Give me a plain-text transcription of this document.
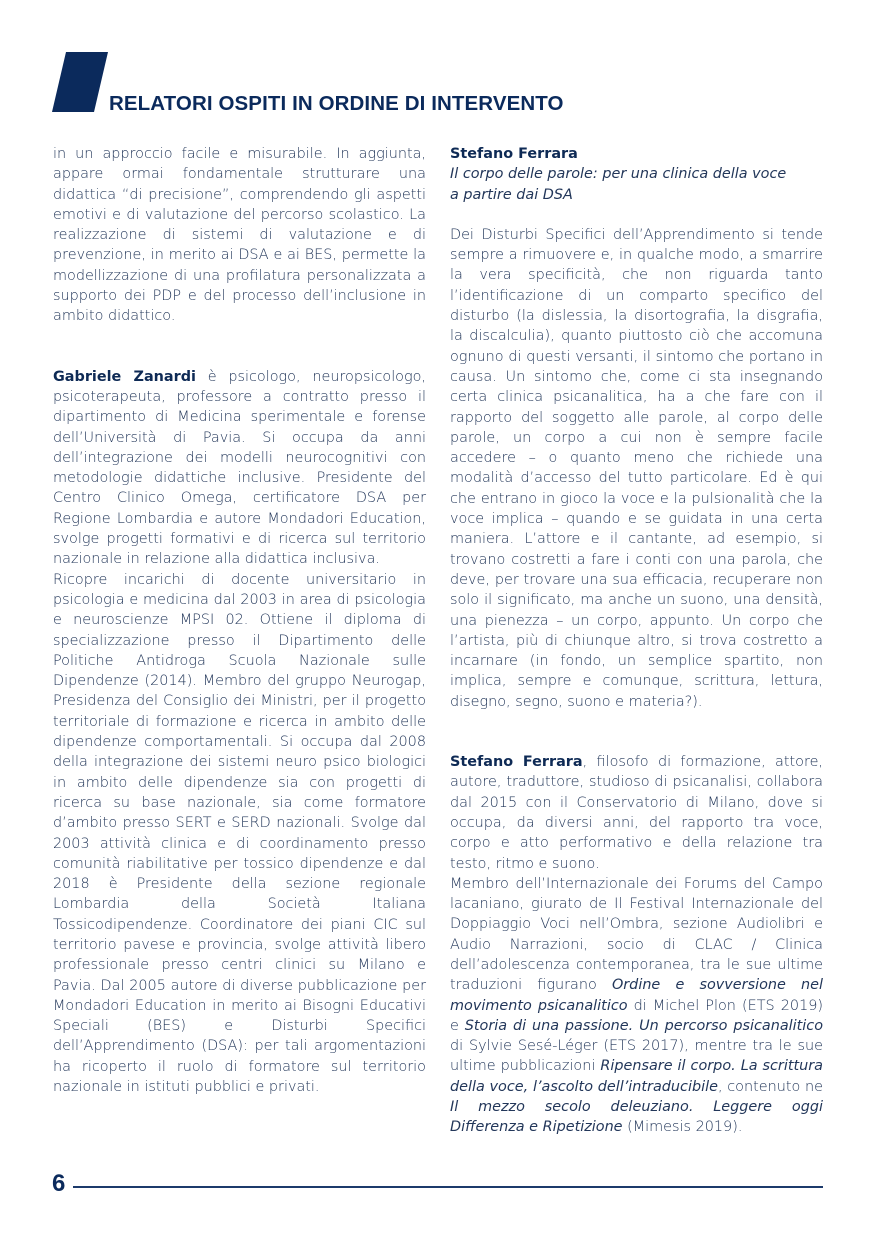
RELATORI OSPITI IN ORDINE DI INTERVENTO

in un approccio facile e misurabile. In aggiunta, appare ormai fondamentale strutturare una didattica “di precisione”, comprendendo gli aspetti emotivi e di valutazione del percorso scolastico. La realizzazione di sistemi di valutazione e di prevenzione, in merito ai DSA e ai BES, permette la modellizzazione di una profilatura personalizzata a supporto dei PDP e del processo dell’inclusione in ambito didattico.

Gabriele Zanardi è psicologo, neuropsicologo, psicoterapeuta, professore a contratto presso il dipartimento di Medicina sperimentale e forense dell’Università di Pavia. Si occupa da anni dell’integrazione dei modelli neurocognitivi con metodologie didattiche inclusive. Presidente del Centro Clinico Omega, certificatore DSA per Regione Lombardia e autore Mondadori Education, svolge progetti formativi e di ricerca sul territorio nazionale in relazione alla didattica inclusiva.

Ricopre incarichi di docente universitario in psicologia e medicina dal 2003 in area di psicologia e neuroscienze MPSI 02. Ottiene il diploma di specializzazione presso il Dipartimento delle Politiche Antidroga Scuola Nazionale sulle Dipendenze (2014). Membro del gruppo Neurogap, Presidenza del Consiglio dei Ministri, per il progetto territoriale di formazione e ricerca in ambito delle dipendenze comportamentali. Si occupa dal 2008 della integrazione dei sistemi neuro psico biologici in ambito delle dipendenze sia con progetti di ricerca su base nazionale, sia come formatore d’ambito presso SERT e SERD nazionali. Svolge dal 2003 attività clinica e di coordinamento presso comunità riabilitative per tossico dipendenze e dal 2018 è Presidente della sezione regionale Lombardia della Società Italiana Tossicodipendenze. Coordinatore dei piani CIC sul territorio pavese e provincia, svolge attività libero professionale presso centri clinici su Milano e Pavia. Dal 2005 autore di diverse pubblicazione per Mondadori Education in merito ai Bisogni Educativi Speciali (BES) e Disturbi Specifici dell’Apprendimento (DSA): per tali argomentazioni ha ricoperto il ruolo di formatore sul territorio nazionale in istituti pubblici e privati.

Stefano Ferrara
Il corpo delle parole: per una clinica della voce
a partire dai DSA

Dei Disturbi Specifici dell’Apprendimento si tende sempre a rimuovere e, in qualche modo, a smarrire la vera specificità, che non riguarda tanto l’identificazione di un comparto specifico del disturbo (la dislessia, la disortografia, la disgrafia, la discalculia), quanto piuttosto ciò che accomuna ognuno di questi versanti, il sintomo che portano in causa. Un sintomo che, come ci sta insegnando certa clinica psicanalitica, ha a che fare con il rapporto del soggetto alle parole, al corpo delle parole, un corpo a cui non è sempre facile accedere – o quanto meno che richiede una modalità d’accesso del tutto particolare. Ed è qui che entrano in gioco la voce e la pulsionalità che la voce implica – quando e se guidata in una certa maniera. L’attore e il cantante, ad esempio, si trovano costretti a fare i conti con una parola, che deve, per trovare una sua efficacia, recuperare non solo il significato, ma anche un suono, una densità, una pienezza – un corpo, appunto. Un corpo che l’artista, più di chiunque altro, si trova costretto a incarnare (in fondo, un semplice spartito, non implica, sempre e comunque, scrittura, lettura, disegno, segno, suono e materia?).

Stefano Ferrara, filosofo di formazione, attore, autore, traduttore, studioso di psicanalisi, collabora dal 2015 con il Conservatorio di Milano, dove si occupa, da diversi anni, del rapporto tra voce, corpo e atto performativo e della relazione tra testo, ritmo e suono.

Membro dell’Internazionale dei Forums del Campo lacaniano, giurato de Il Festival Internazionale del Doppiaggio Voci nell’Ombra, sezione Audiolibri e Audio Narrazioni, socio di CLAC / Clinica dell’adolescenza contemporanea, tra le sue ultime traduzioni figurano Ordine e sovversione nel movimento psicanalitico di Michel Plon (ETS 2019) e Storia di una passione. Un percorso psicanalitico di Sylvie Sesé-Léger (ETS 2017), mentre tra le sue ultime pubblicazioni Ripensare il corpo. La scrittura della voce, l’ascolto dell’intraducibile, contenuto ne Il mezzo secolo deleuziano. Leggere oggi Differenza e Ripetizione (Mimesis 2019).

6
